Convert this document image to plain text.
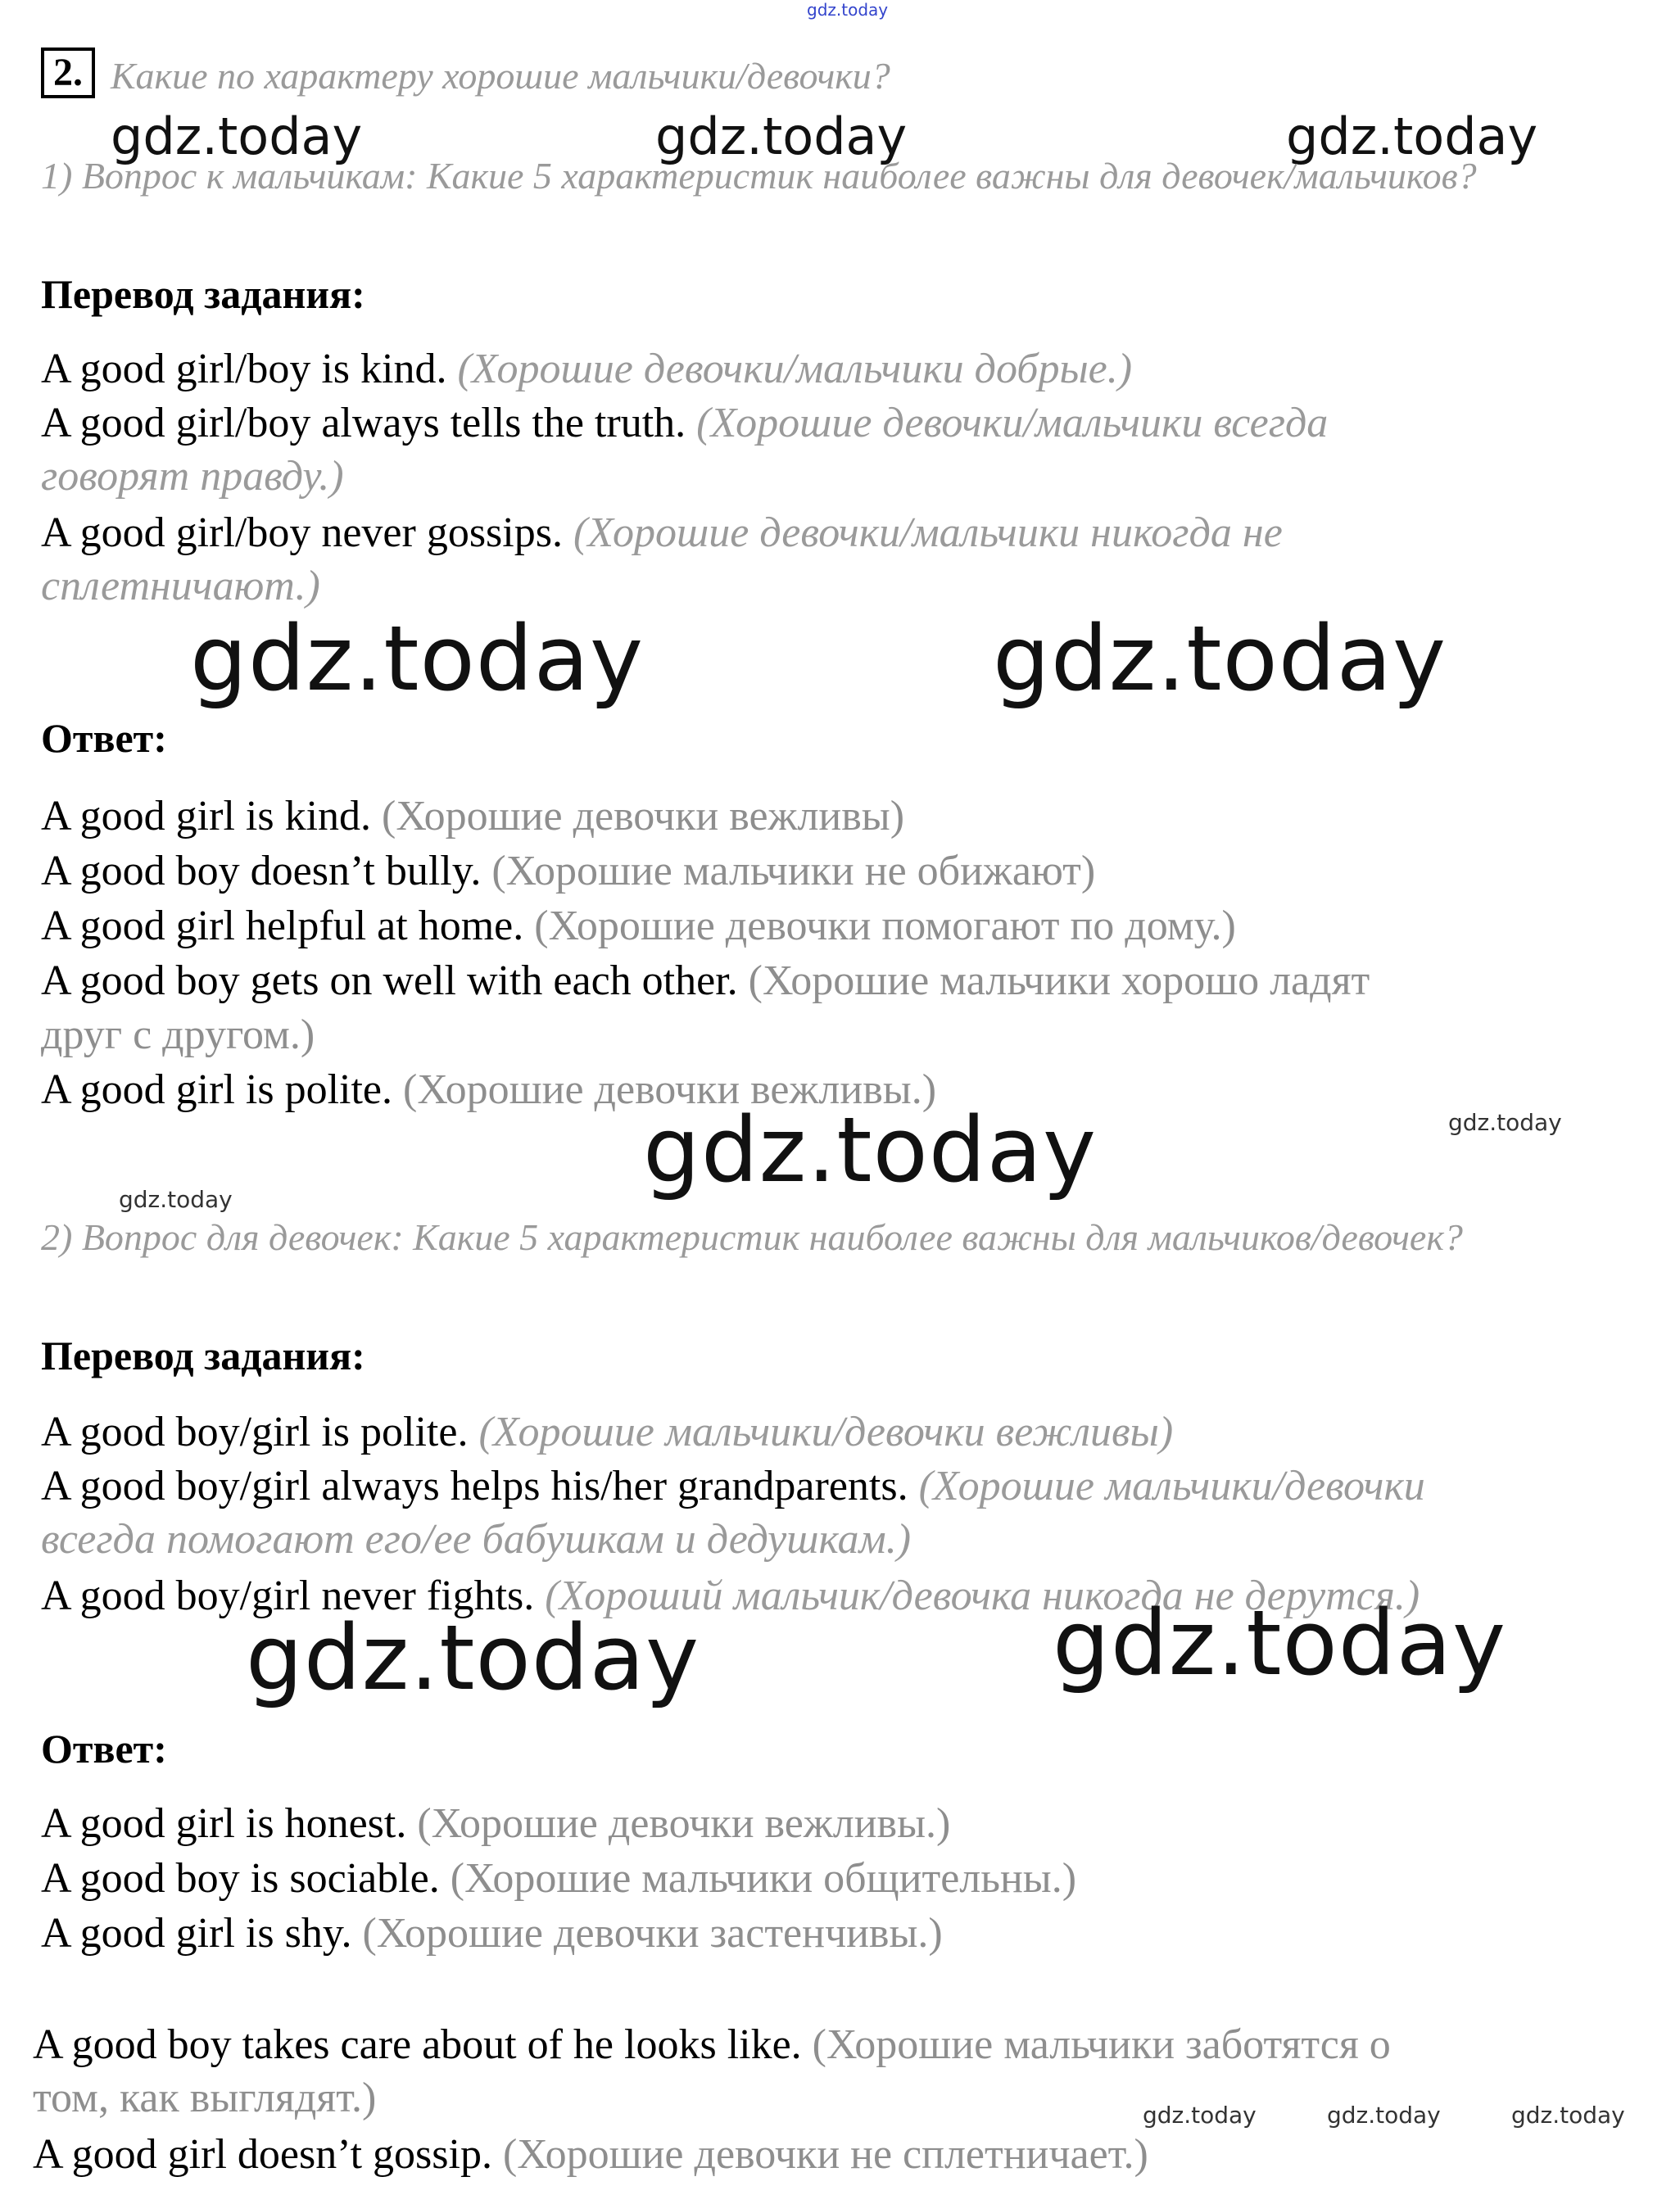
gdz.today
2. Какие по характеру хорошие мальчики/девочки?
gdz.today	gdz.today	gdz.today
1) Вопрос к мальчикам: Какие 5 характеристик наиболее важны для девочек/мальчиков?
Перевод задания:
A good girl/boy is kind. (Хорошие девочки/мальчики добрые.)
A good girl/boy always tells the truth. (Хорошие девочки/мальчики всегда
говорят правду.)
A good girl/boy never gossips. (Хорошие девочки/мальчики никогда не
сплетничают.)
gdz.today	gdz.today
Ответ:
A good girl is kind. (Хорошие девочки вежливы)
A good boy doesn’t bully. (Хорошие мальчики не обижают)
A good girl helpful at home. (Хорошие девочки помогают по дому.)
A good boy gets on well with each other. (Хорошие мальчики хорошо ладят
друг с другом.)
A good girl is polite. (Хорошие девочки вежливы.)
gdz.today	gdz.today
gdz.today
2) Вопрос для девочек: Какие 5 характеристик наиболее важны для мальчиков/девочек?
Перевод задания:
A good boy/girl is polite. (Хорошие мальчики/девочки вежливы)
A good boy/girl always helps his/her grandparents. (Хорошие мальчики/девочки
всегда помогают его/ее бабушкам и дедушкам.)
A good boy/girl never fights. (Хороший мальчик/девочка никогда не дерутся.)
gdz.today	gdz.today
Ответ:
A good girl is honest. (Хорошие девочки вежливы.)
A good boy is sociable. (Хорошие мальчики общительны.)
A good girl is shy. (Хорошие девочки застенчивы.)
A good boy takes care about of he looks like. (Хорошие мальчики заботятся о
том, как выглядят.)
A good girl doesn’t gossip. (Хорошие девочки не сплетничает.)
gdz.today	gdz.today	gdz.today
